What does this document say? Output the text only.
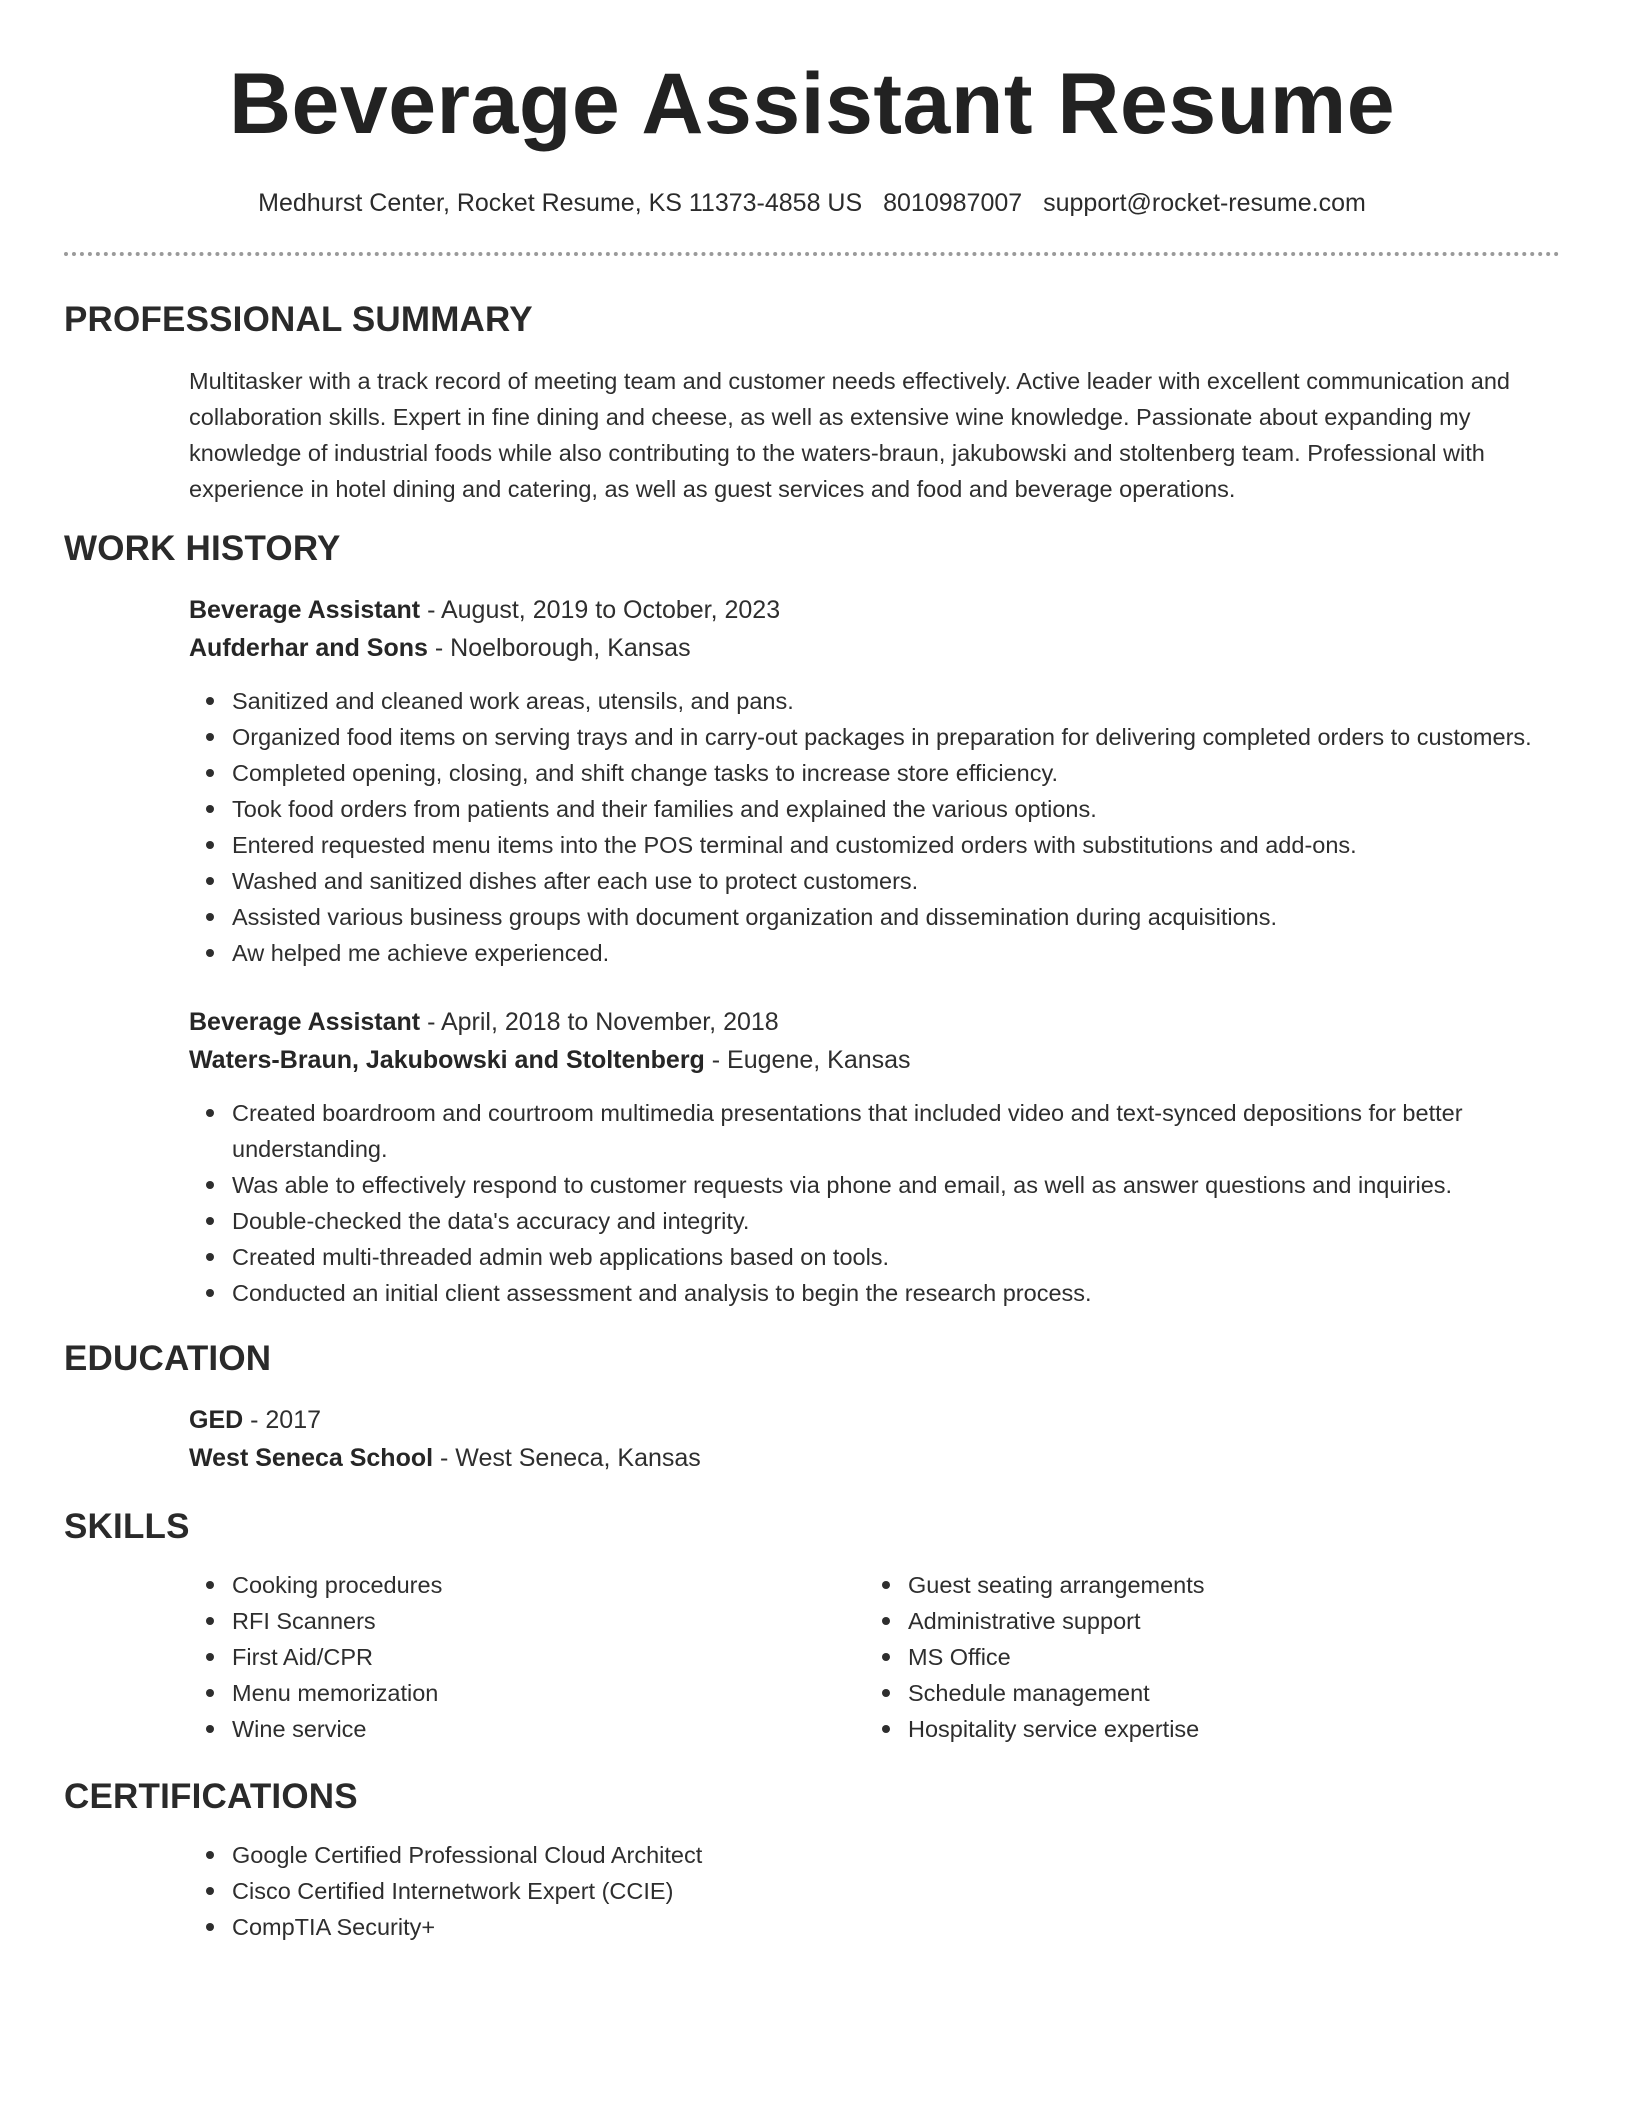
Beverage Assistant Resume
Medhurst Center, Rocket Resume, KS 11373-4858 US 8010987007 support@rocket-resume.com
PROFESSIONAL SUMMARY

Multitasker with a track record of meeting team and customer needs effectively. Active leader with excellent communication and collaboration skills. Expert in fine dining and cheese, as well as extensive wine knowledge. Passionate about expanding my knowledge of industrial foods while also contributing to the waters-braun, jakubowski and stoltenberg team. Professional with experience in hotel dining and catering, as well as guest services and food and beverage operations.

WORK HISTORY
Beverage Assistant - August, 2019 to October, 2023
Aufderhar and Sons - Noelborough, Kansas
Sanitized and cleaned work areas, utensils, and pans.
Organized food items on serving trays and in carry-out packages in preparation for delivering completed orders to customers.
Completed opening, closing, and shift change tasks to increase store efficiency.
Took food orders from patients and their families and explained the various options.
Entered requested menu items into the POS terminal and customized orders with substitutions and add-ons.
Washed and sanitized dishes after each use to protect customers.
Assisted various business groups with document organization and dissemination during acquisitions.
Aw helped me achieve experienced.
Beverage Assistant - April, 2018 to November, 2018
Waters-Braun, Jakubowski and Stoltenberg - Eugene, Kansas
Created boardroom and courtroom multimedia presentations that included video and text-synced depositions for better understanding.
Was able to effectively respond to customer requests via phone and email, as well as answer questions and inquiries.
Double-checked the data's accuracy and integrity.
Created multi-threaded admin web applications based on tools.
Conducted an initial client assessment and analysis to begin the research process.
EDUCATION
GED - 2017
West Seneca School - West Seneca, Kansas
SKILLS
Cooking procedures
RFI Scanners
First Aid/CPR
Menu memorization
Wine service
Guest seating arrangements
Administrative support
MS Office
Schedule management
Hospitality service expertise
CERTIFICATIONS
Google Certified Professional Cloud Architect
Cisco Certified Internetwork Expert (CCIE)
CompTIA Security+
